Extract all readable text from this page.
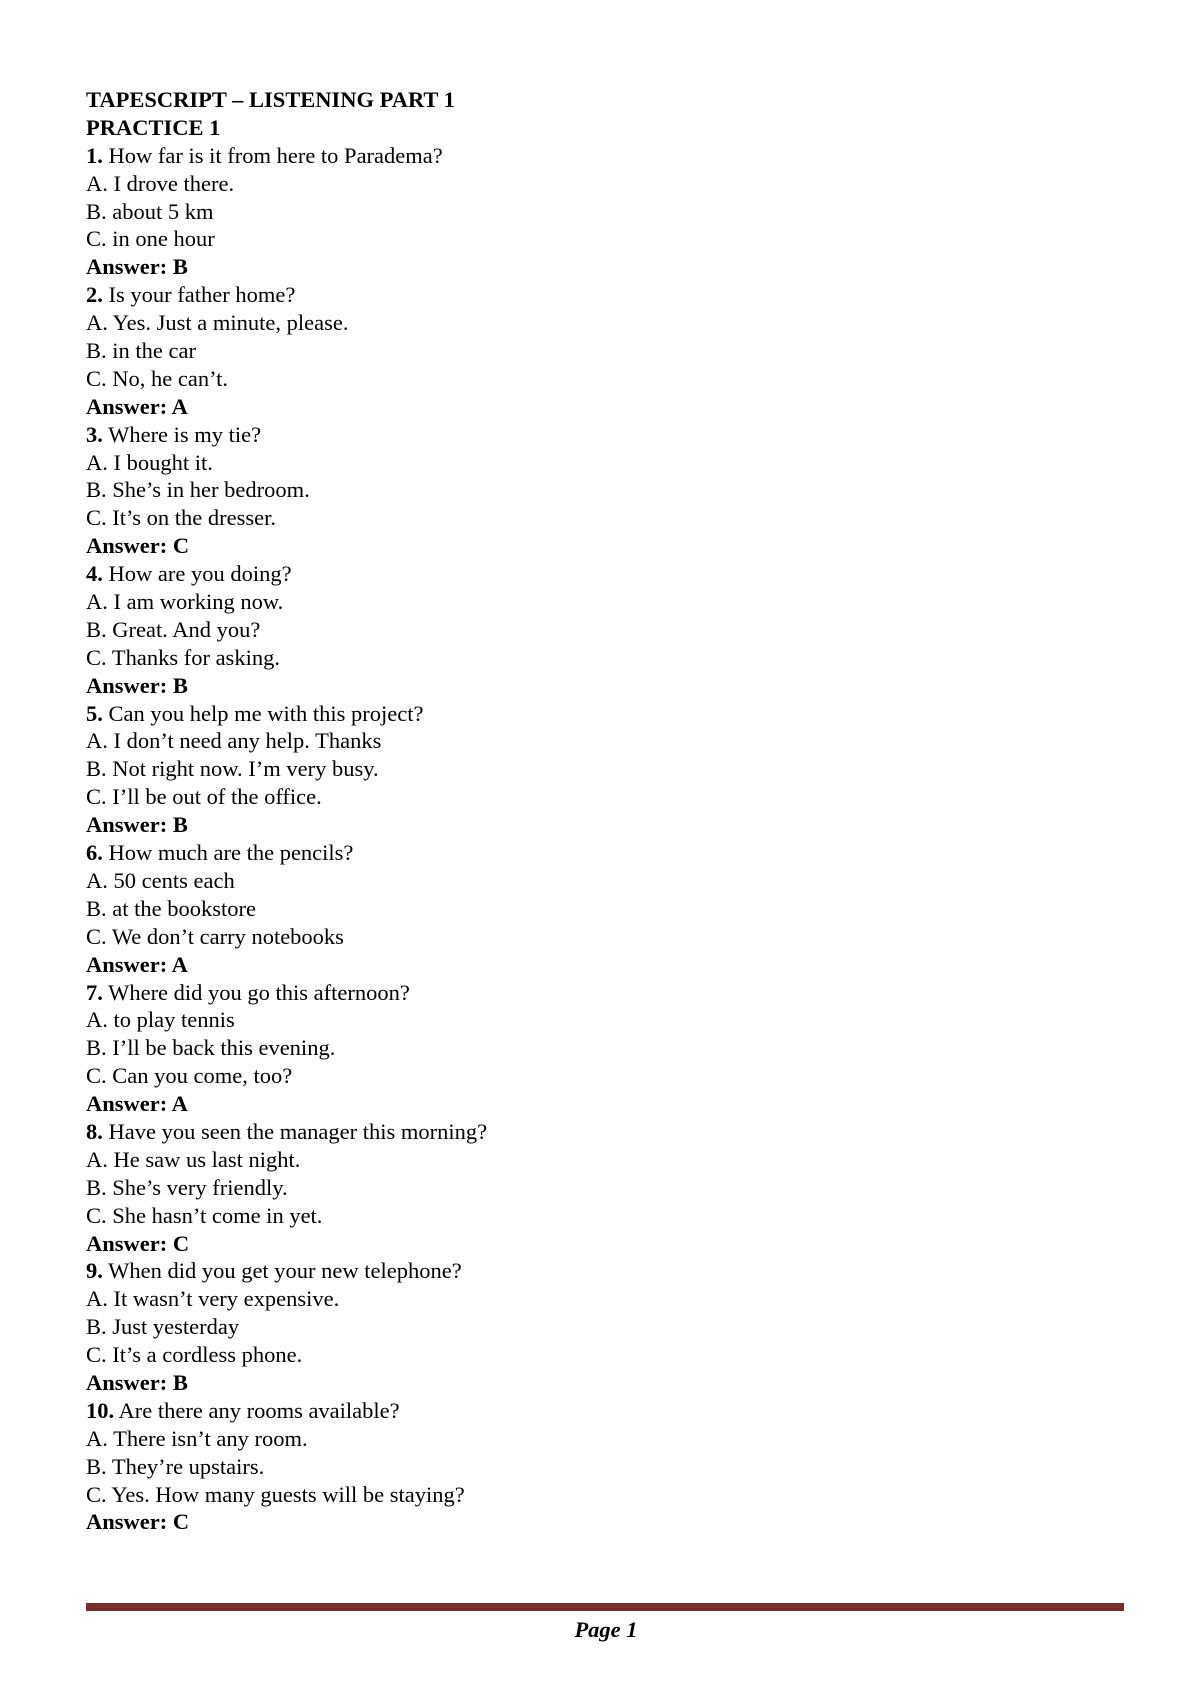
TAPESCRIPT – LISTENING PART 1
PRACTICE 1
1. How far is it from here to Parademа?
A. I drove there.
B. about 5 km
C. in one hour
Answer: B
2. Is your father home?
A. Yes. Just a minute, please.
B. in the car
C. No, he can’t.
Answer: A
3. Where is my tie?
A. I bought it.
B. She’s in her bedroom.
C. It’s on the dresser.
Answer: C
4. How are you doing?
A. I am working now.
B. Great. And you?
C. Thanks for asking.
Answer: B
5. Can you help me with this project?
A. I don’t need any help. Thanks
B. Not right now. I’m very busy.
C. I’ll be out of the office.
Answer: B
6. How much are the pencils?
A. 50 cents each
B. at the bookstore
C. We don’t carry notebooks
Answer: A
7. Where did you go this afternoon?
A. to play tennis
B. I’ll be back this evening.
C. Can you come, too?
Answer: A
8. Have you seen the manager this morning?
A. He saw us last night.
B. She’s very friendly.
C. She hasn’t come in yet.
Answer: C
9. When did you get your new telephone?
A. It wasn’t very expensive.
B. Just yesterday
C. It’s a cordless phone.
Answer: B
10. Are there any rooms available?
A. There isn’t any room.
B. They’re upstairs.
C. Yes. How many guests will be staying?
Answer: C
Page 1
